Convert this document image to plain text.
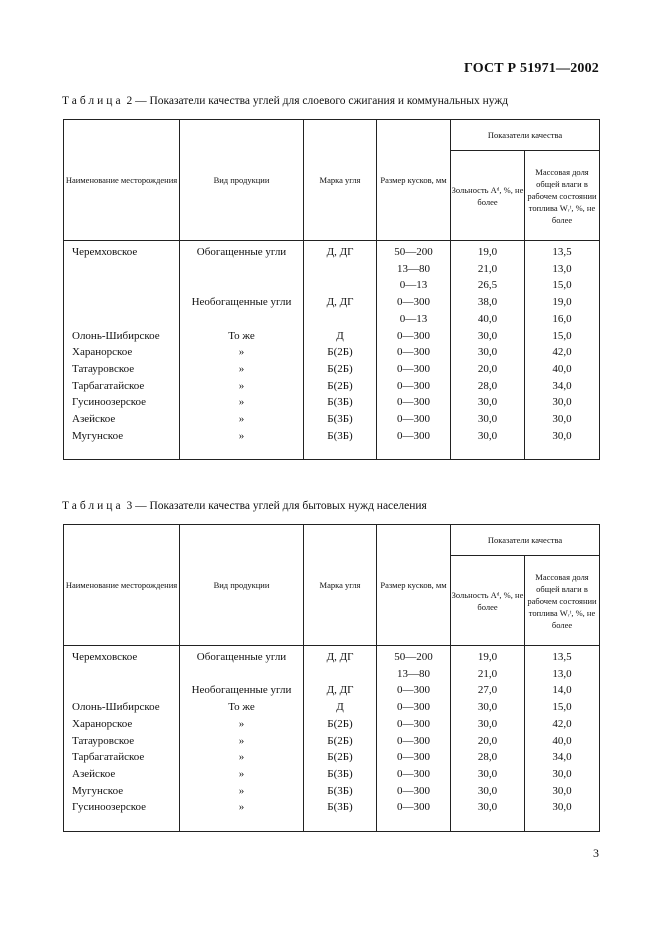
ГОСТ Р 51971—2002
Таблица 2 — Показатели качества углей для слоевого сжигания и коммунальных нужд
Наименование месторождения	Вид продукции	Марка угля	Размер кусков, мм	Показатели качества	
				Зольность Aᵈ, %, не более	Массовая доля общей влаги в рабочем состоянии топлива Wᵣᵗ, %, не более
Черемховское	Обогащенные угли	Д, ДГ	50—200	19,0	13,5
			13—80	21,0	13,0
			0—13	26,5	15,0
	Необогащенные угли	Д, ДГ	0—300	38,0	19,0
			0—13	40,0	16,0
Олонь-Шибирское	То же	Д	0—300	30,0	15,0
Харанорское	»	Б(2Б)	0—300	30,0	42,0
Татауровское	»	Б(2Б)	0—300	20,0	40,0
Тарбагатайское	»	Б(2Б)	0—300	28,0	34,0
Гусиноозерское	»	Б(3Б)	0—300	30,0	30,0
Азейское	»	Б(3Б)	0—300	30,0	30,0
Мугунское	»	Б(3Б)	0—300	30,0	30,0
Таблица 3 — Показатели качества углей для бытовых нужд населения
Наименование месторождения	Вид продукции	Марка угля	Размер кусков, мм	Показатели качества	
				Зольность Aᵈ, %, не более	Массовая доля общей влаги в рабочем состоянии топлива Wᵣᵗ, %, не более
Черемховское	Обогащенные угли	Д, ДГ	50—200	19,0	13,5
			13—80	21,0	13,0
	Необогащенные угли	Д, ДГ	0—300	27,0	14,0
Олонь-Шибирское	То же	Д	0—300	30,0	15,0
Харанорское	»	Б(2Б)	0—300	30,0	42,0
Татауровское	»	Б(2Б)	0—300	20,0	40,0
Тарбагатайское	»	Б(2Б)	0—300	28,0	34,0
Азейское	»	Б(3Б)	0—300	30,0	30,0
Мугунское	»	Б(3Б)	0—300	30,0	30,0
Гусиноозерское	»	Б(3Б)	0—300	30,0	30,0
3
